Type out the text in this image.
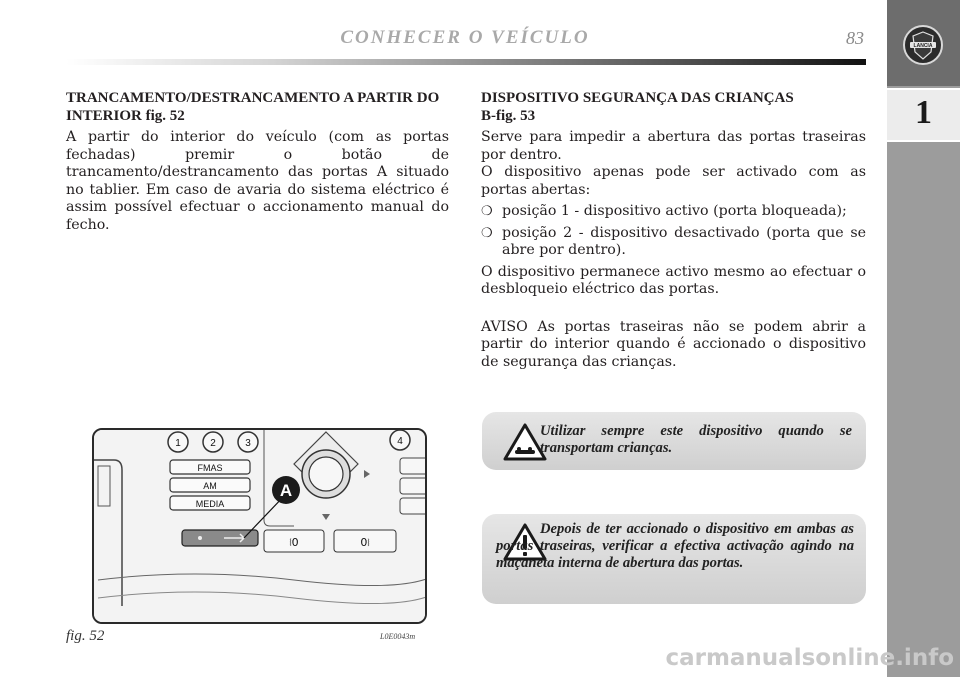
CONHECER O VEÍCULO	83	LANCIA
1
TRANCAMENTO/DESTRANCAMENTO A PARTIR DO INTERIOR fig. 52
A partir do interior do veículo (com as portas fechadas) premir o botão de trancamento/destrancamento das portas A situado no tablier. Em caso de avaria do sistema eléctrico é assim possível efectuar o accionamento manual do fecho.
DISPOSITIVO SEGURANÇA DAS CRIANÇAS
B-fig. 53
Serve para impedir a abertura das portas traseiras por dentro.
O dispositivo apenas pode ser activado com as portas abertas:
❍ posição 1 - dispositivo activo (porta bloqueada);
❍ posição 2 - dispositivo desactivado (porta que se abre por dentro).
O dispositivo permanece activo mesmo ao efectuar o desbloqueio eléctrico das portas.
AVISO As portas traseiras não se podem abrir a partir do interior quando é accionado o dispositivo de segurança das crianças.
Utilizar sempre este dispositivo quando se transportam crianças.
Depois de ter accionado o dispositivo em ambas as portas traseiras, verificar a efectiva activação agindo na maçaneta interna de abertura das portas.
1	2	3	4
FMAS
AM
MEDIA
⧙0	0⧘
A
fig. 52	L0E0043m
carmanualsonline.info
